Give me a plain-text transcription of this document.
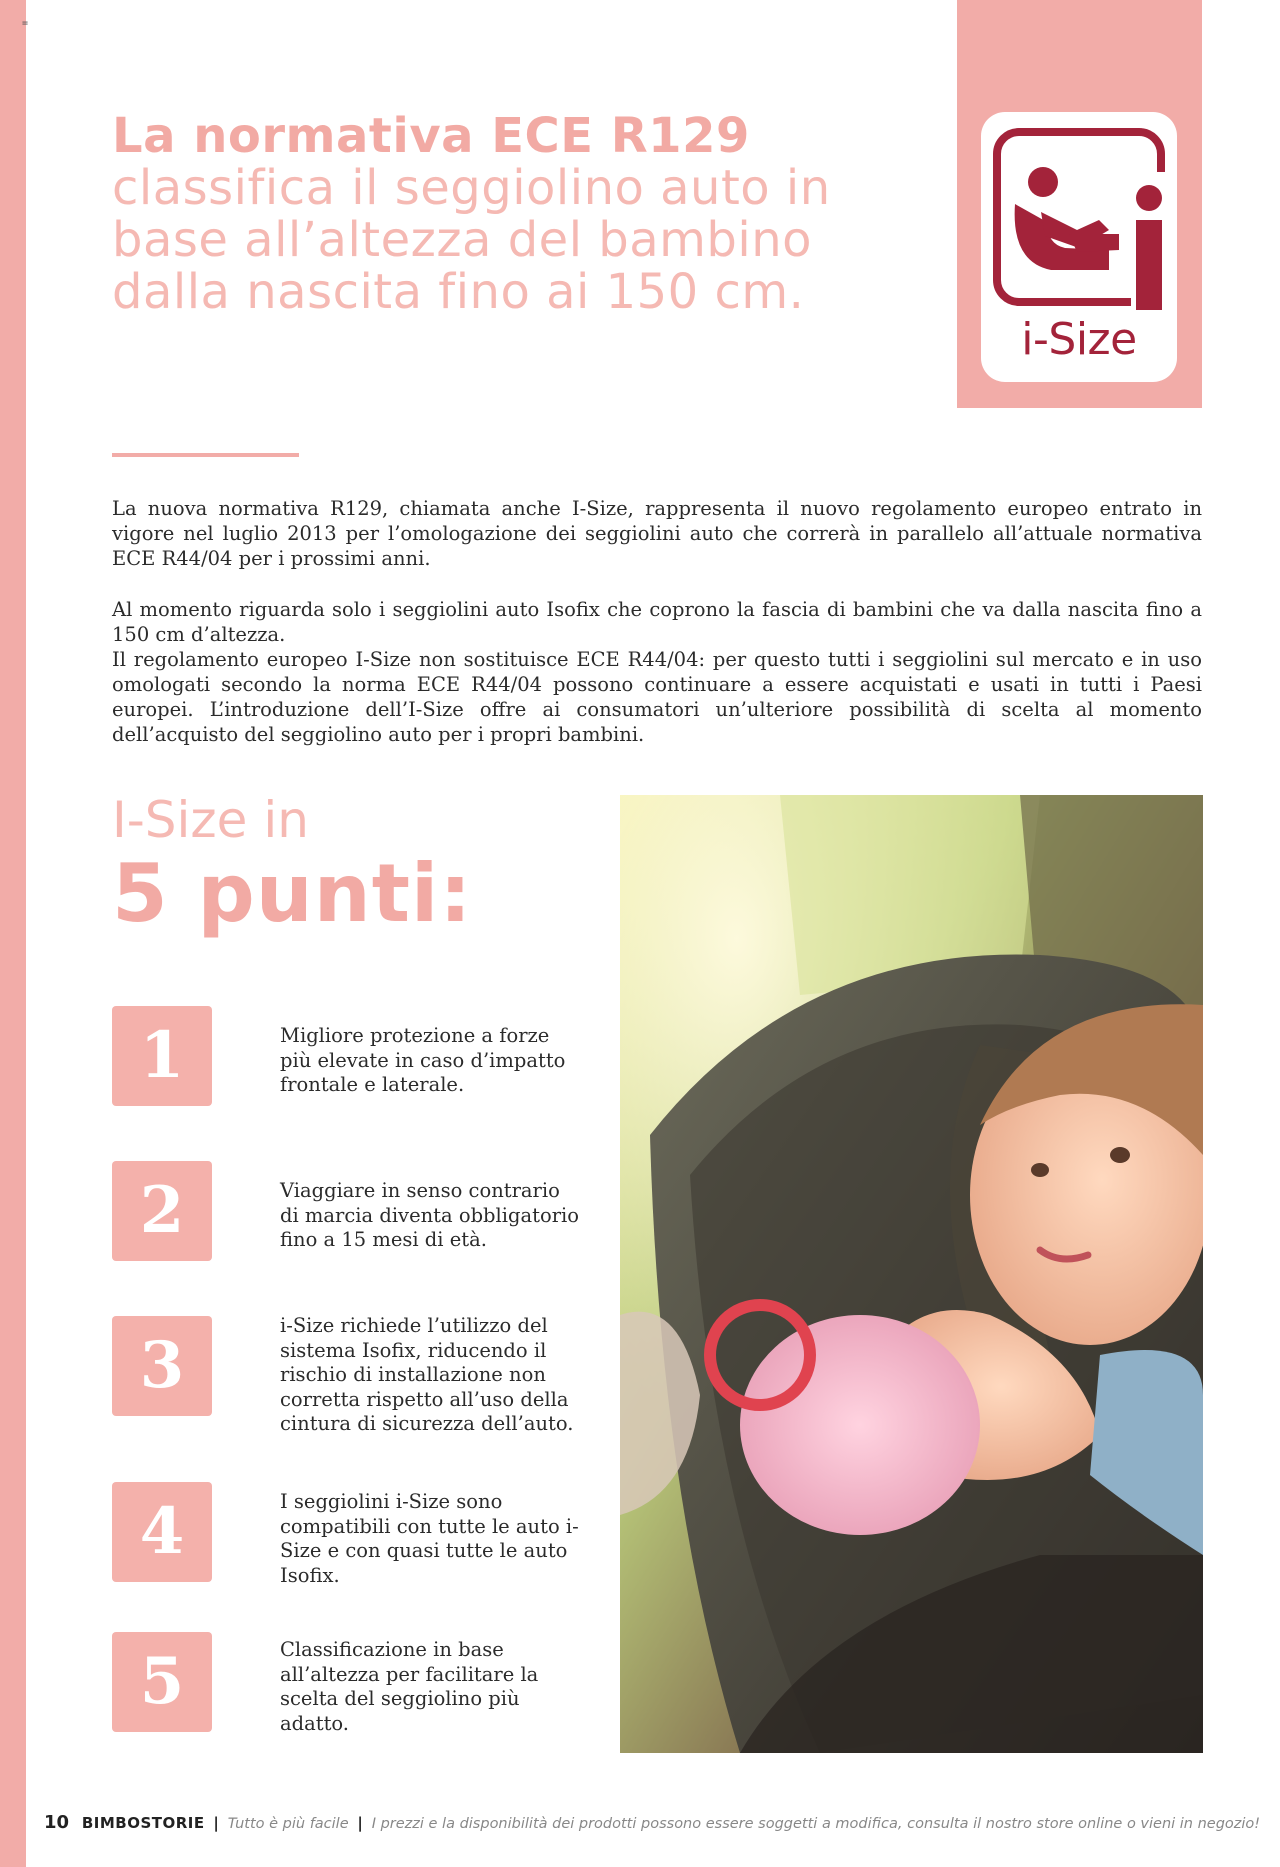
=
La normativa ECE R129
classifica il seggiolino auto in base all’altezza del bambino dalla nascita fino ai 150 cm.
i-Size

La nuova normativa R129, chiamata anche I-Size, rappresenta il nuovo regolamento europeo entrato in vigore nel luglio 2013 per l’omologazione dei seggiolini auto che correrà in parallelo all’attuale normativa ECE R44/04 per i prossimi anni.

Al momento riguarda solo i seggiolini auto Isofix che coprono la fascia di bambini che va dalla nascita fino a 150 cm d’altezza.
Il regolamento europeo I-Size non sostituisce ECE R44/04: per questo tutti i seggiolini sul mercato e in uso omologati secondo la norma ECE R44/04 possono continuare a essere acquistati e usati in tutti i Paesi europei. L’introduzione dell’I-Size offre ai consumatori un’ulteriore possibilità di scelta al momento dell’acquisto del seggiolino auto per i propri bambini.
I-Size in
5 punti:
1	Migliore protezione a forze più elevate in caso d’impatto frontale e laterale.

2	Viaggiare in senso contrario di marcia diventa obbligatorio fino a 15 mesi di età.

3

i-Size richiede l’utilizzo del sistema Isofix, riducendo il rischio di installazione non corretta rispetto all’uso della cintura di sicurezza dell’auto.

4	I seggiolini i-Size sono compatibili con tutte le auto i-Size e con quasi tutte le auto Isofix.

5	Classificazione in base all’altezza per facilitare la scelta del seggiolino più adatto.

10 BIMBOSTORIE | Tutto è più facile | I prezzi e la disponibilità dei prodotti possono essere soggetti a modifica, consulta il nostro store online o vieni in negozio!
